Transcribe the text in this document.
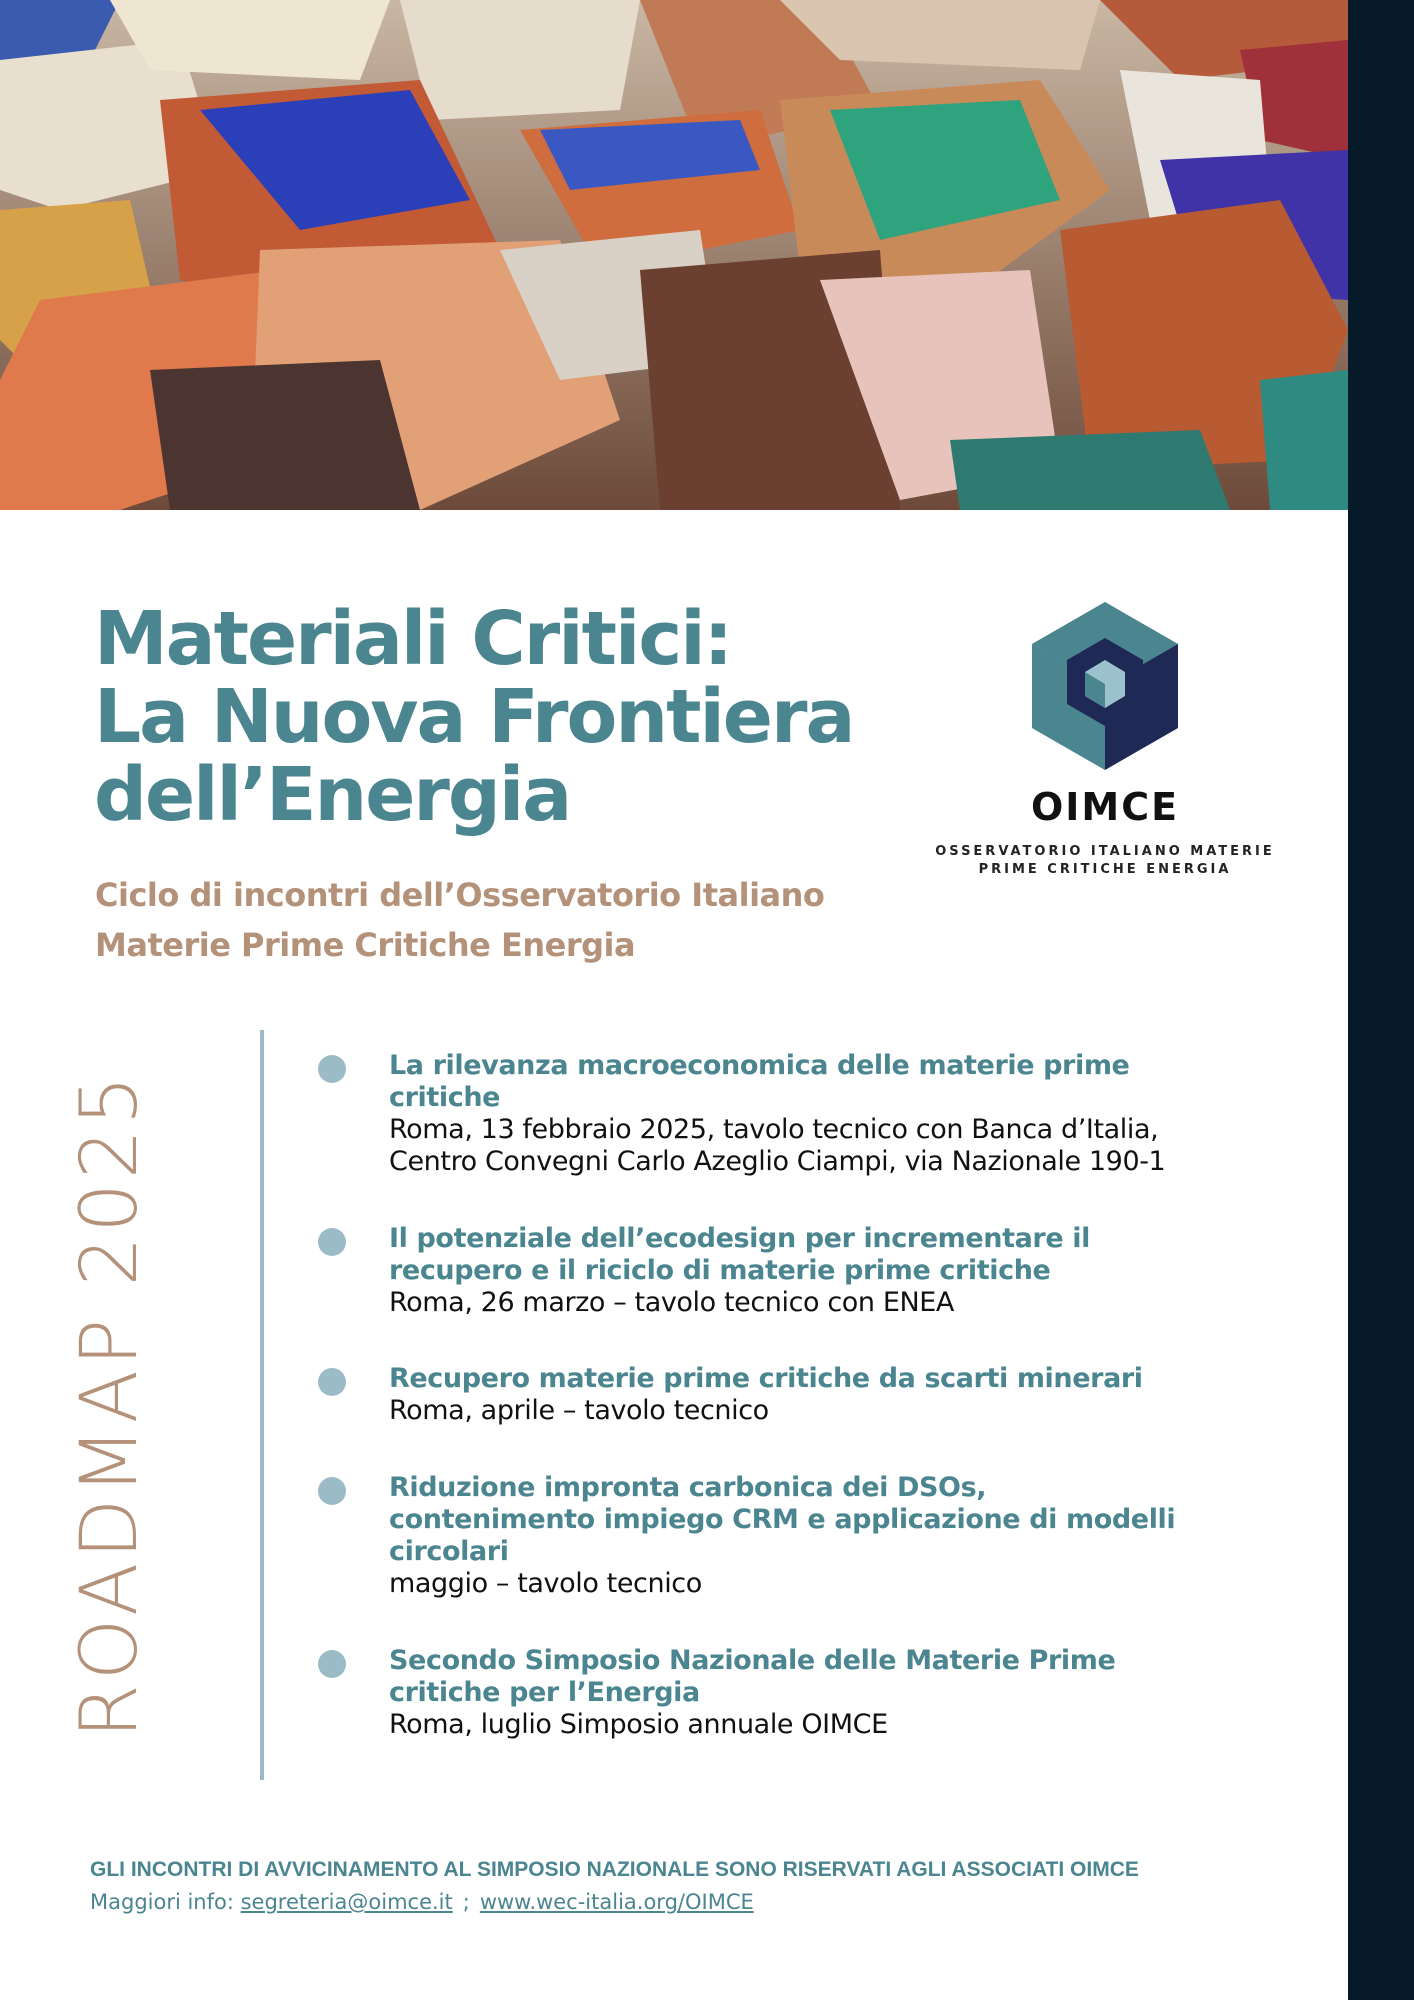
Materiali Critici:
La Nuova Frontiera
dell’Energia
Ciclo di incontri dell’Osservatorio Italiano
Materie Prime Critiche Energia
OIMCE
OSSERVATORIO ITALIANO MATERIE
PRIME CRITICHE ENERGIA
ROADMAP 2025
La rilevanza macroeconomica delle materie prime
critiche
Roma, 13 febbraio 2025, tavolo tecnico con Banca d’Italia,
Centro Convegni Carlo Azeglio Ciampi, via Nazionale 190-1
Il potenziale dell’ecodesign per incrementare il
recupero e il riciclo di materie prime critiche
Roma, 26 marzo – tavolo tecnico con ENEA
Recupero materie prime critiche da scarti minerari
Roma, aprile – tavolo tecnico
Riduzione impronta carbonica dei DSOs,
contenimento impiego CRM e applicazione di modelli
circolari
maggio – tavolo tecnico
Secondo Simposio Nazionale delle Materie Prime
critiche per l’Energia
Roma, luglio Simposio annuale OIMCE

GLI INCONTRI DI AVVICINAMENTO AL SIMPOSIO NAZIONALE SONO RISERVATI AGLI ASSOCIATI OIMCE

Maggiori info: segreteria@oimce.it ; www.wec-italia.org/OIMCE
